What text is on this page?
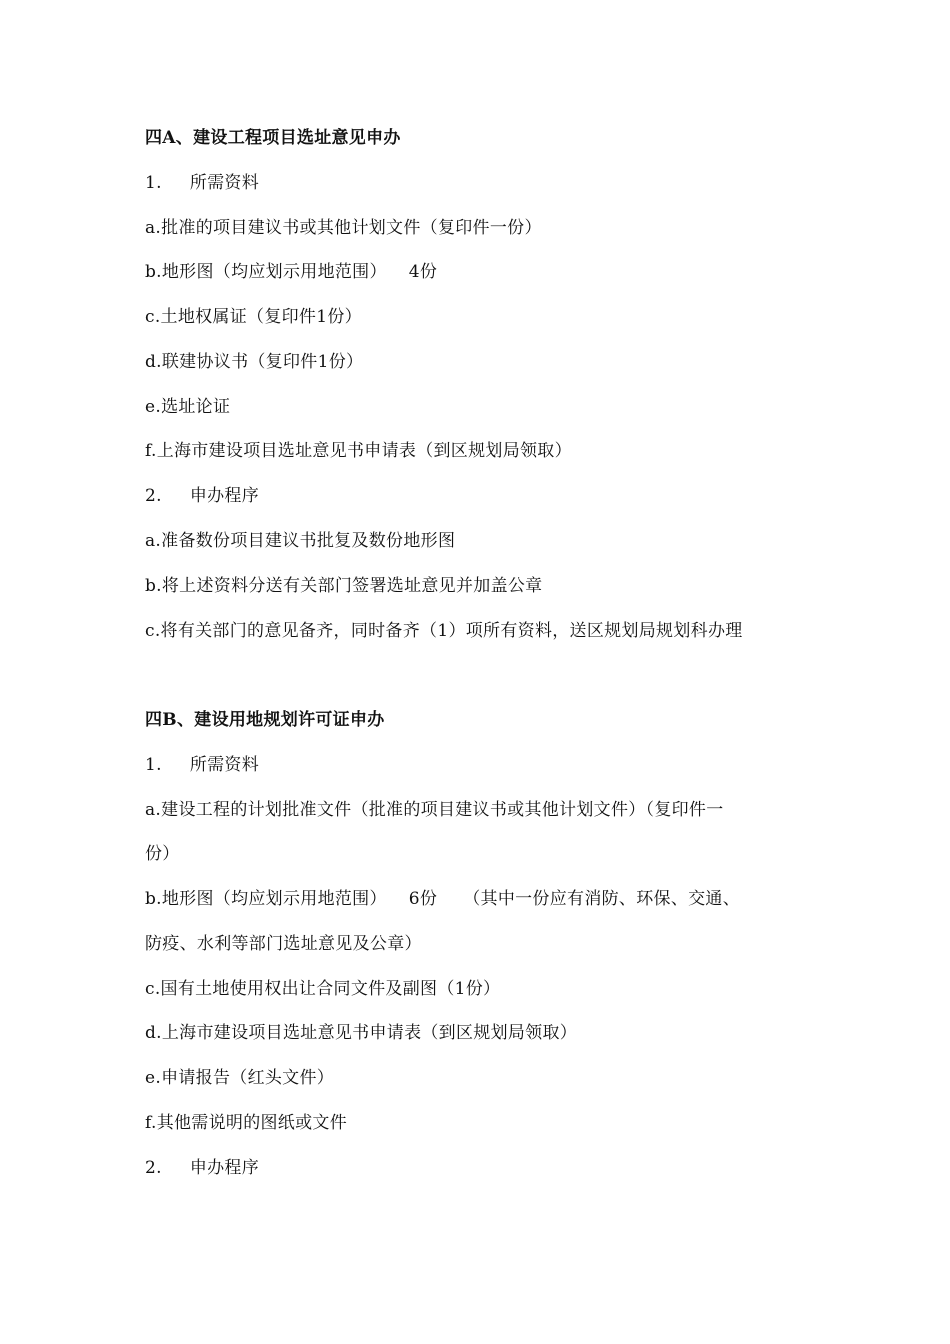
四A、建设工程项目选址意见申办
1. 所需资料
a.批准的项目建议书或其他计划文件（复印件一份）
b.地形图（均应划示用地范围） 4份
c.土地权属证（复印件1份）
d.联建协议书（复印件1份）
e.选址论证
f.上海市建设项目选址意见书申请表（到区规划局领取）
2. 申办程序
a.准备数份项目建议书批复及数份地形图
b.将上述资料分送有关部门签署选址意见并加盖公章
c.将有关部门的意见备齐，同时备齐（1）项所有资料，送区规划局规划科办理
四B、建设用地规划许可证申办
1. 所需资料
a.建设工程的计划批准文件（批准的项目建议书或其他计划文件）（复印件一
份）
b.地形图（均应划示用地范围） 6份 （其中一份应有消防、环保、交通、
防疫、水利等部门选址意见及公章）
c.国有土地使用权出让合同文件及副图（1份）
d.上海市建设项目选址意见书申请表（到区规划局领取）
e.申请报告（红头文件）
f.其他需说明的图纸或文件
2. 申办程序
